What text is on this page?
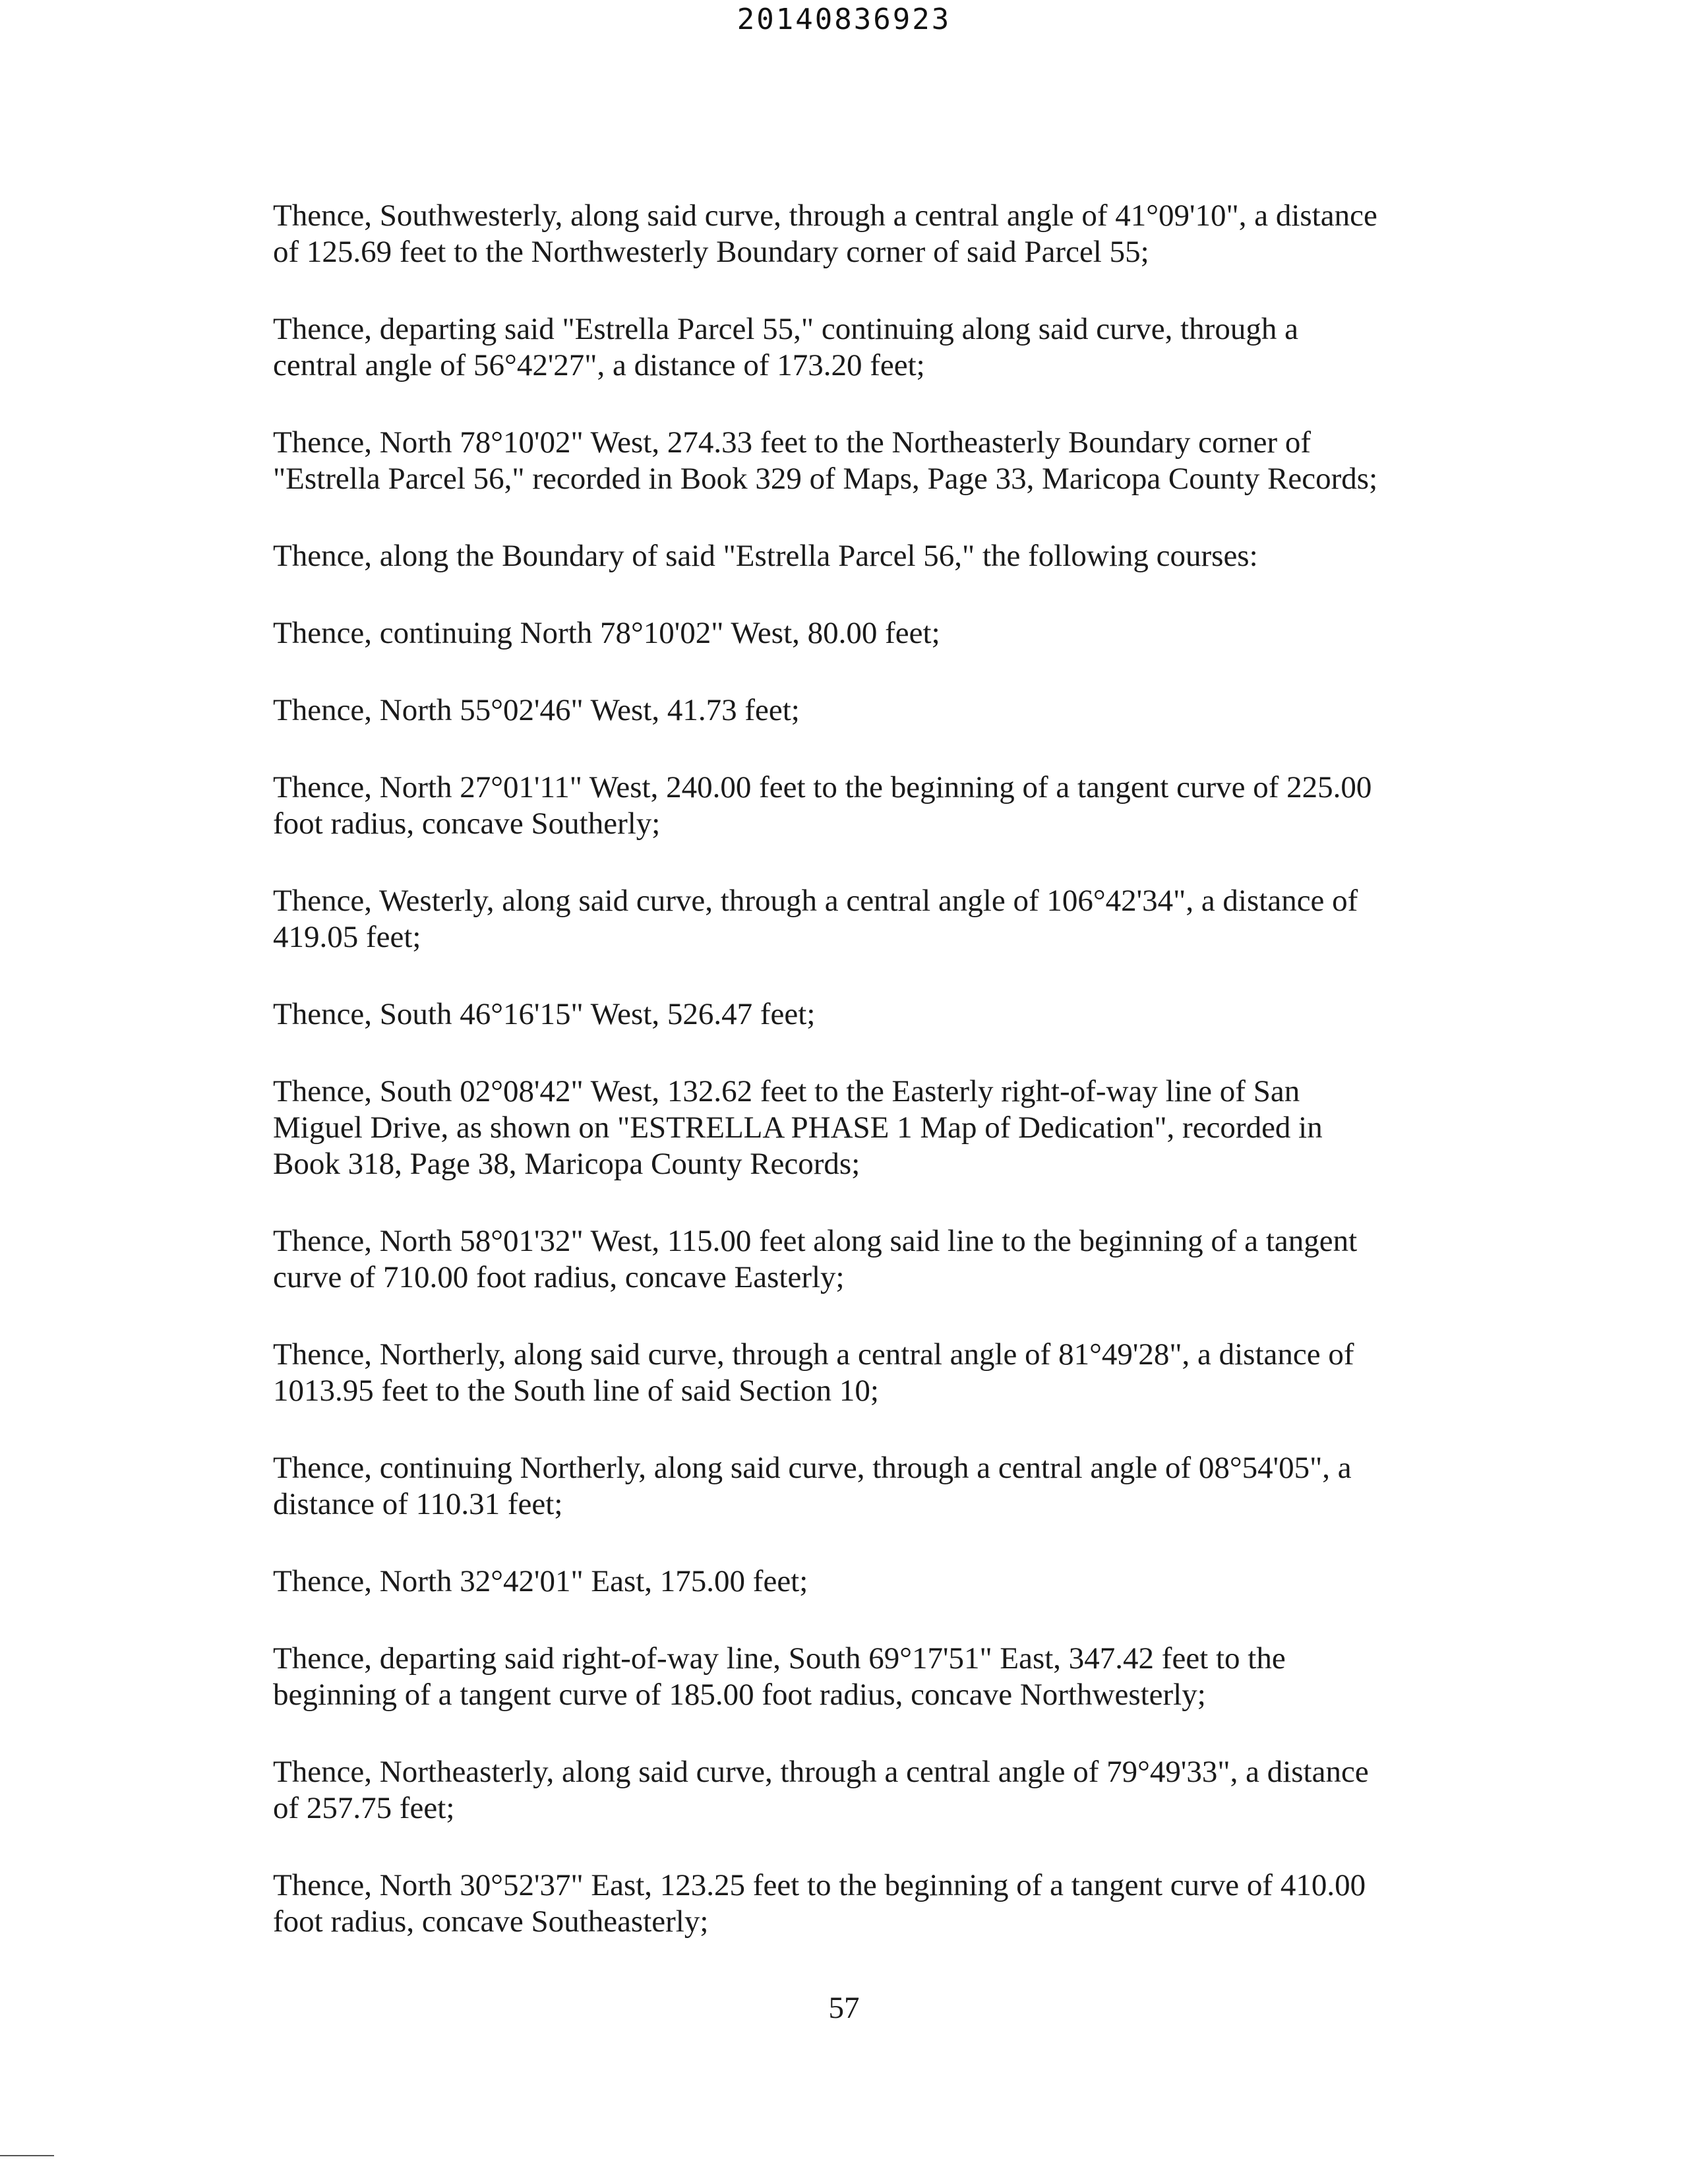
20140836923

Thence, Southwesterly, along said curve, through a central angle of 41°09'10", a distance
of 125.69 feet to the Northwesterly Boundary corner of said Parcel 55;

Thence, departing said "Estrella Parcel 55," continuing along said curve, through a
central angle of 56°42'27", a distance of 173.20 feet;

Thence, North 78°10'02" West, 274.33 feet to the Northeasterly Boundary corner of
"Estrella Parcel 56," recorded in Book 329 of Maps, Page 33, Maricopa County Records;

Thence, along the Boundary of said "Estrella Parcel 56," the following courses:

Thence, continuing North 78°10'02" West, 80.00 feet;

Thence, North 55°02'46" West, 41.73 feet;

Thence, North 27°01'11" West, 240.00 feet to the beginning of a tangent curve of 225.00
foot radius, concave Southerly;

Thence, Westerly, along said curve, through a central angle of 106°42'34", a distance of
419.05 feet;

Thence, South 46°16'15" West, 526.47 feet;

Thence, South 02°08'42" West, 132.62 feet to the Easterly right-of-way line of San
Miguel Drive, as shown on "ESTRELLA PHASE 1 Map of Dedication", recorded in
Book 318, Page 38, Maricopa County Records;

Thence, North 58°01'32" West, 115.00 feet along said line to the beginning of a tangent
curve of 710.00 foot radius, concave Easterly;

Thence, Northerly, along said curve, through a central angle of 81°49'28", a distance of
1013.95 feet to the South line of said Section 10;

Thence, continuing Northerly, along said curve, through a central angle of 08°54'05", a
distance of 110.31 feet;

Thence, North 32°42'01" East, 175.00 feet;

Thence, departing said right-of-way line, South 69°17'51" East, 347.42 feet to the
beginning of a tangent curve of 185.00 foot radius, concave Northwesterly;

Thence, Northeasterly, along said curve, through a central angle of 79°49'33", a distance
of 257.75 feet;

Thence, North 30°52'37" East, 123.25 feet to the beginning of a tangent curve of 410.00
foot radius, concave Southeasterly;

57
